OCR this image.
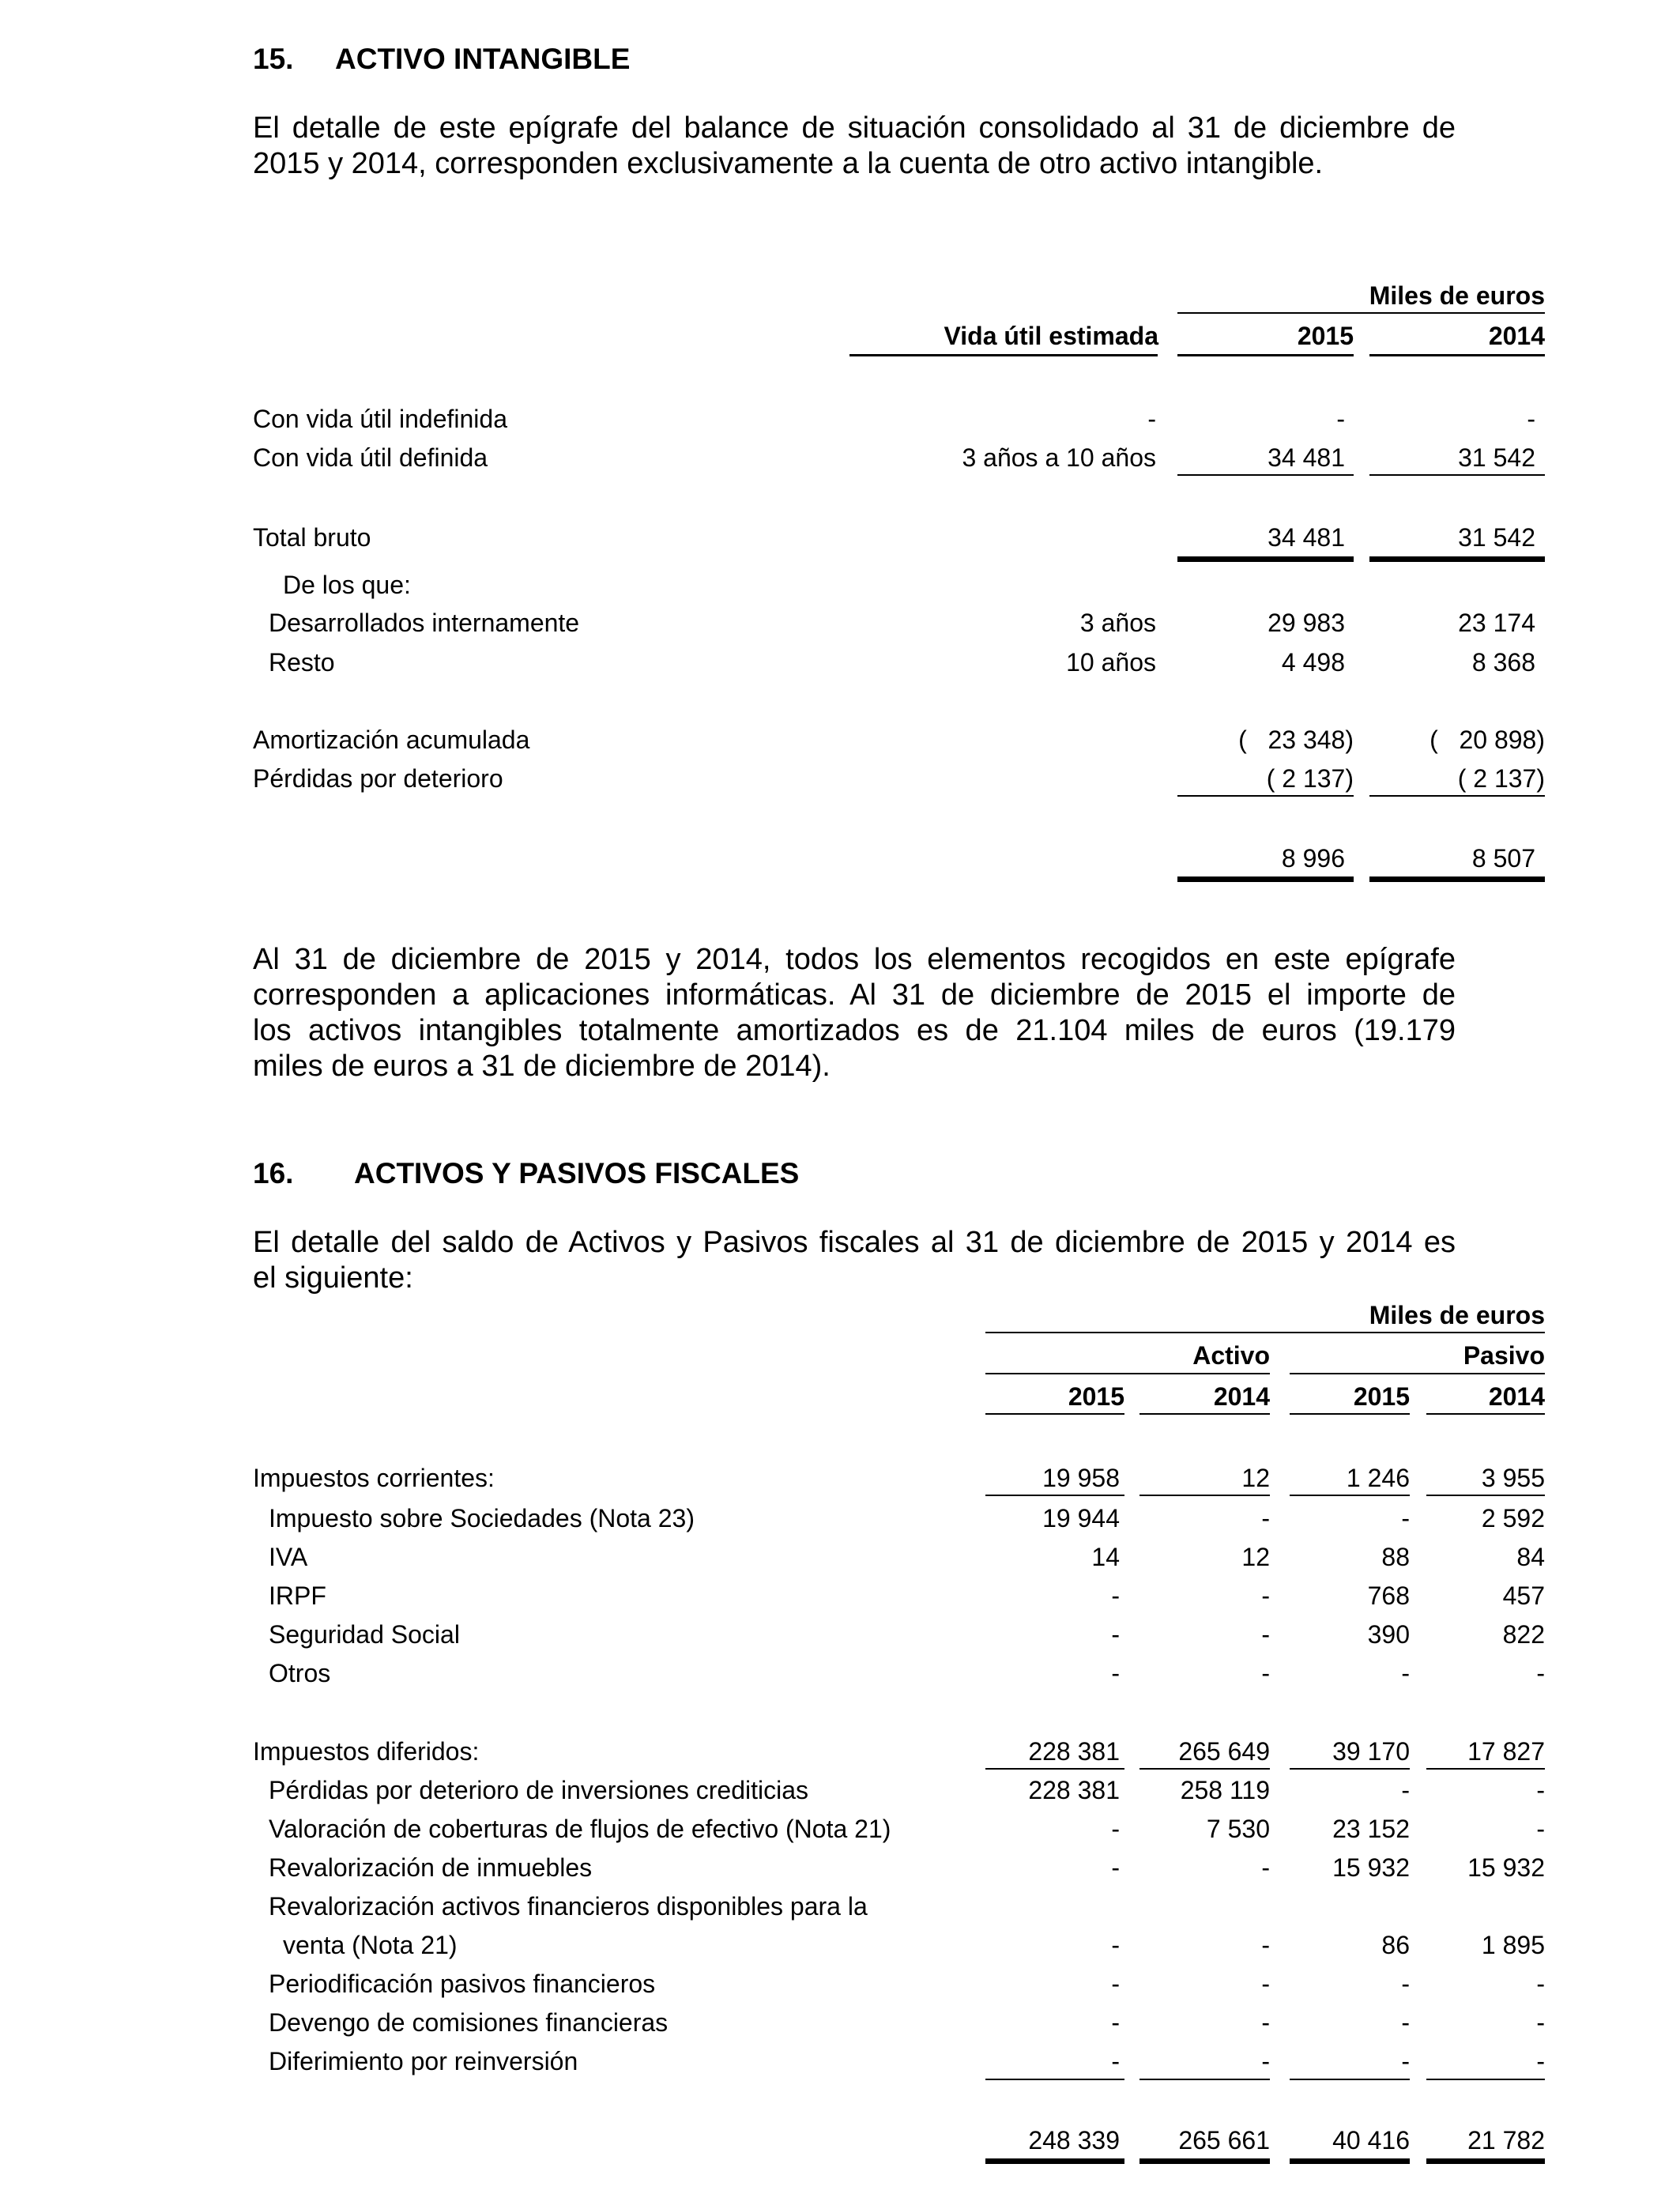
15. ACTIVO INTANGIBLE
El detalle de este epígrafe del balance de situación consolidado al 31 de diciembre de
2015 y 2014, corresponden exclusivamente a la cuenta de otro activo intangible.
Miles de euros
Vida útil estimada	2015	2014
Con vida útil indefinida	-	-	-
Con vida útil definida	3 años a 10 años	34 481	31 542
Total bruto	34 481	31 542
De los que:
Desarrollados internamente	3 años	29 983	23 174
Resto	10 años	4 498	8 368
Amortización acumulada	(   23 348)	(   20 898)
Pérdidas por deterioro	( 2 137)	( 2 137)
8 996	8 507
Al 31 de diciembre de 2015 y 2014, todos los elementos recogidos en este epígrafe
corresponden a aplicaciones informáticas. Al 31 de diciembre de 2015 el importe de
los activos intangibles totalmente amortizados es de 21.104 miles de euros (19.179
miles de euros a 31 de diciembre de 2014).
16. ACTIVOS Y PASIVOS FISCALES
El detalle del saldo de Activos y Pasivos fiscales al 31 de diciembre de 2015 y 2014 es
el siguiente:
Miles de euros
Activo	Pasivo
2015	2014	2015	2014
Impuestos corrientes:	19 958	12	1 246	3 955
Impuesto sobre Sociedades (Nota 23)	19 944	-	-	2 592
IVA	14	12	88	84
IRPF	-	-	768	457
Seguridad Social	-	-	390	822
Otros	-	-	-	-
Impuestos diferidos:	228 381	265 649	39 170	17 827
Pérdidas por deterioro de inversiones crediticias	228 381	258 119	-	-
Valoración de coberturas de flujos de efectivo (Nota 21)	-	7 530	23 152	-
Revalorización de inmuebles	-	-	15 932	15 932
Revalorización activos financieros disponibles para la
venta (Nota 21)	-	-	86	1 895
Periodificación pasivos financieros	-	-	-	-
Devengo de comisiones financieras	-	-	-	-
Diferimiento por reinversión	-	-	-	-
248 339	265 661	40 416	21 782
